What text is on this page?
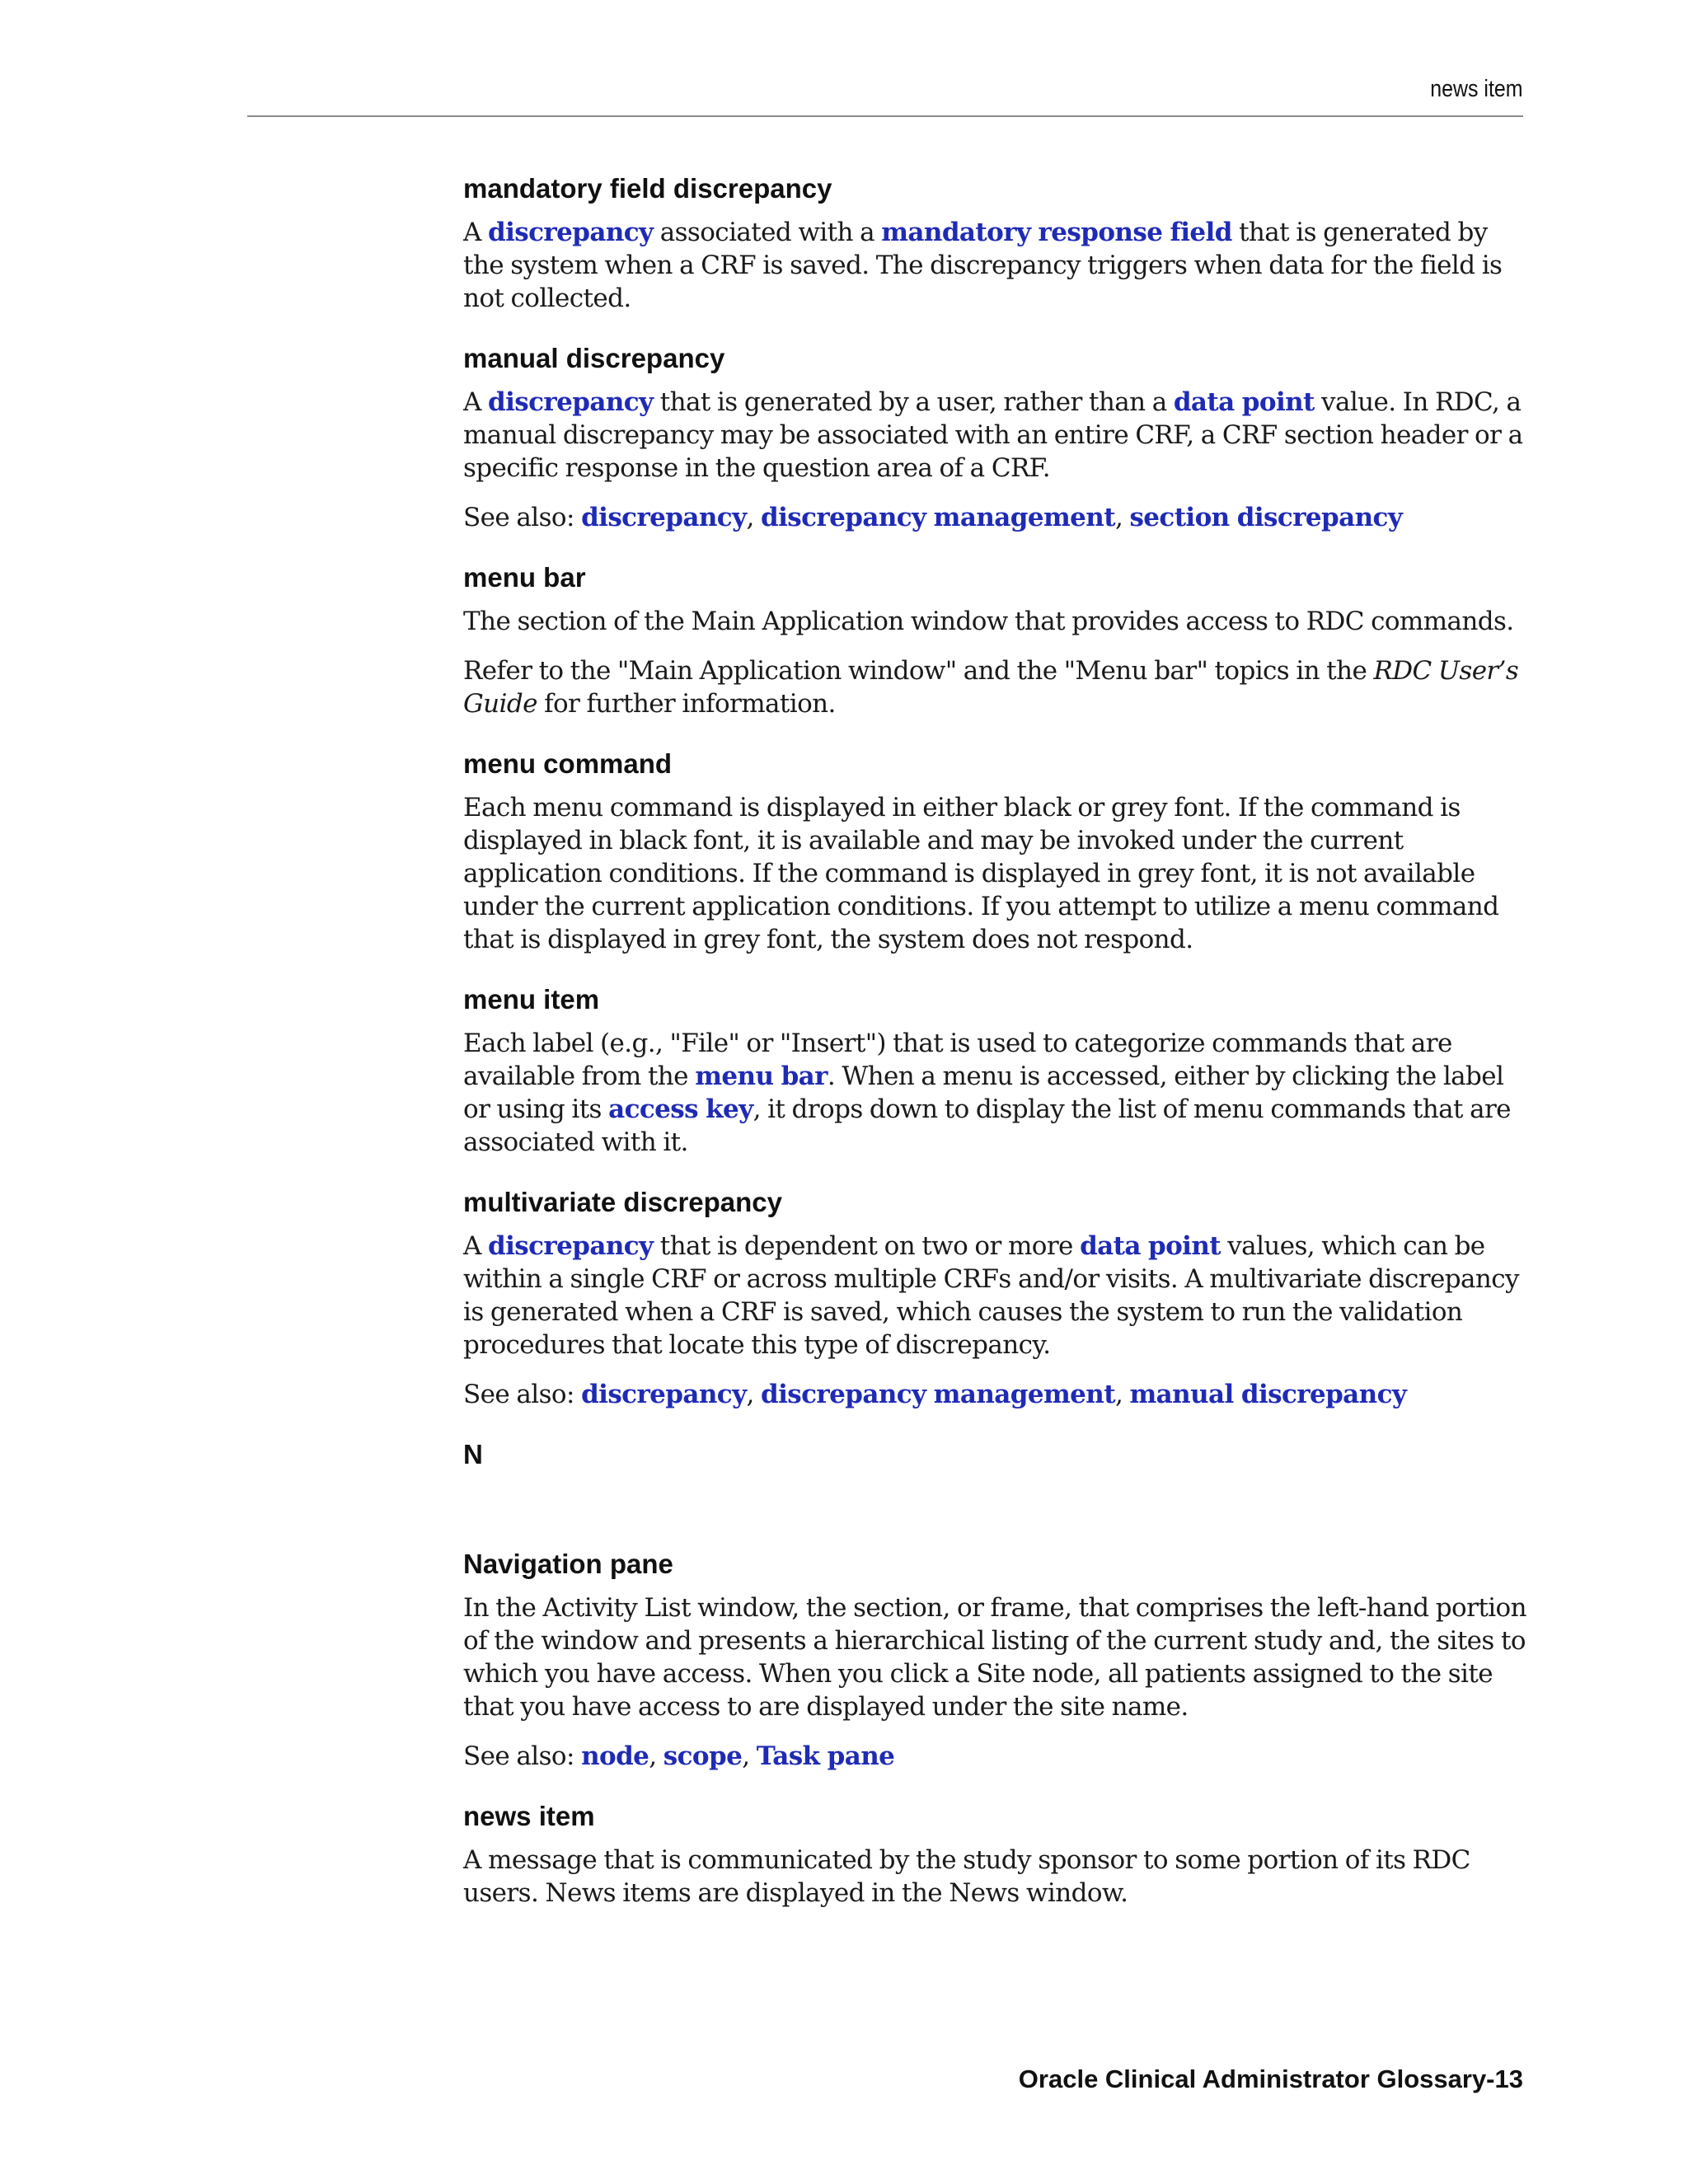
news item
mandatory field discrepancy

A discrepancy associated with a mandatory response field that is generated by the system when a CRF is saved. The discrepancy triggers when data for the field is not collected.

manual discrepancy

A discrepancy that is generated by a user, rather than a data point value. In RDC, a manual discrepancy may be associated with an entire CRF, a CRF section header or a specific response in the question area of a CRF.

See also: discrepancy, discrepancy management, section discrepancy

menu bar

The section of the Main Application window that provides access to RDC commands.

Refer to the "Main Application window" and the "Menu bar" topics in the RDC User’s Guide for further information.

menu command

Each menu command is displayed in either black or grey font. If the command is displayed in black font, it is available and may be invoked under the current application conditions. If the command is displayed in grey font, it is not available under the current application conditions. If you attempt to utilize a menu command that is displayed in grey font, the system does not respond.

menu item

Each label (e.g., "File" or "Insert") that is used to categorize commands that are available from the menu bar. When a menu is accessed, either by clicking the label or using its access key, it drops down to display the list of menu commands that are associated with it.

multivariate discrepancy

A discrepancy that is dependent on two or more data point values, which can be within a single CRF or across multiple CRFs and/or visits. A multivariate discrepancy is generated when a CRF is saved, which causes the system to run the validation procedures that locate this type of discrepancy.

See also: discrepancy, discrepancy management, manual discrepancy

N
Navigation pane

In the Activity List window, the section, or frame, that comprises the left-hand portion of the window and presents a hierarchical listing of the current study and, the sites to which you have access. When you click a Site node, all patients assigned to the site that you have access to are displayed under the site name.

See also: node, scope, Task pane

news item

A message that is communicated by the study sponsor to some portion of its RDC users. News items are displayed in the News window.

Oracle Clinical Administrator Glossary-13
